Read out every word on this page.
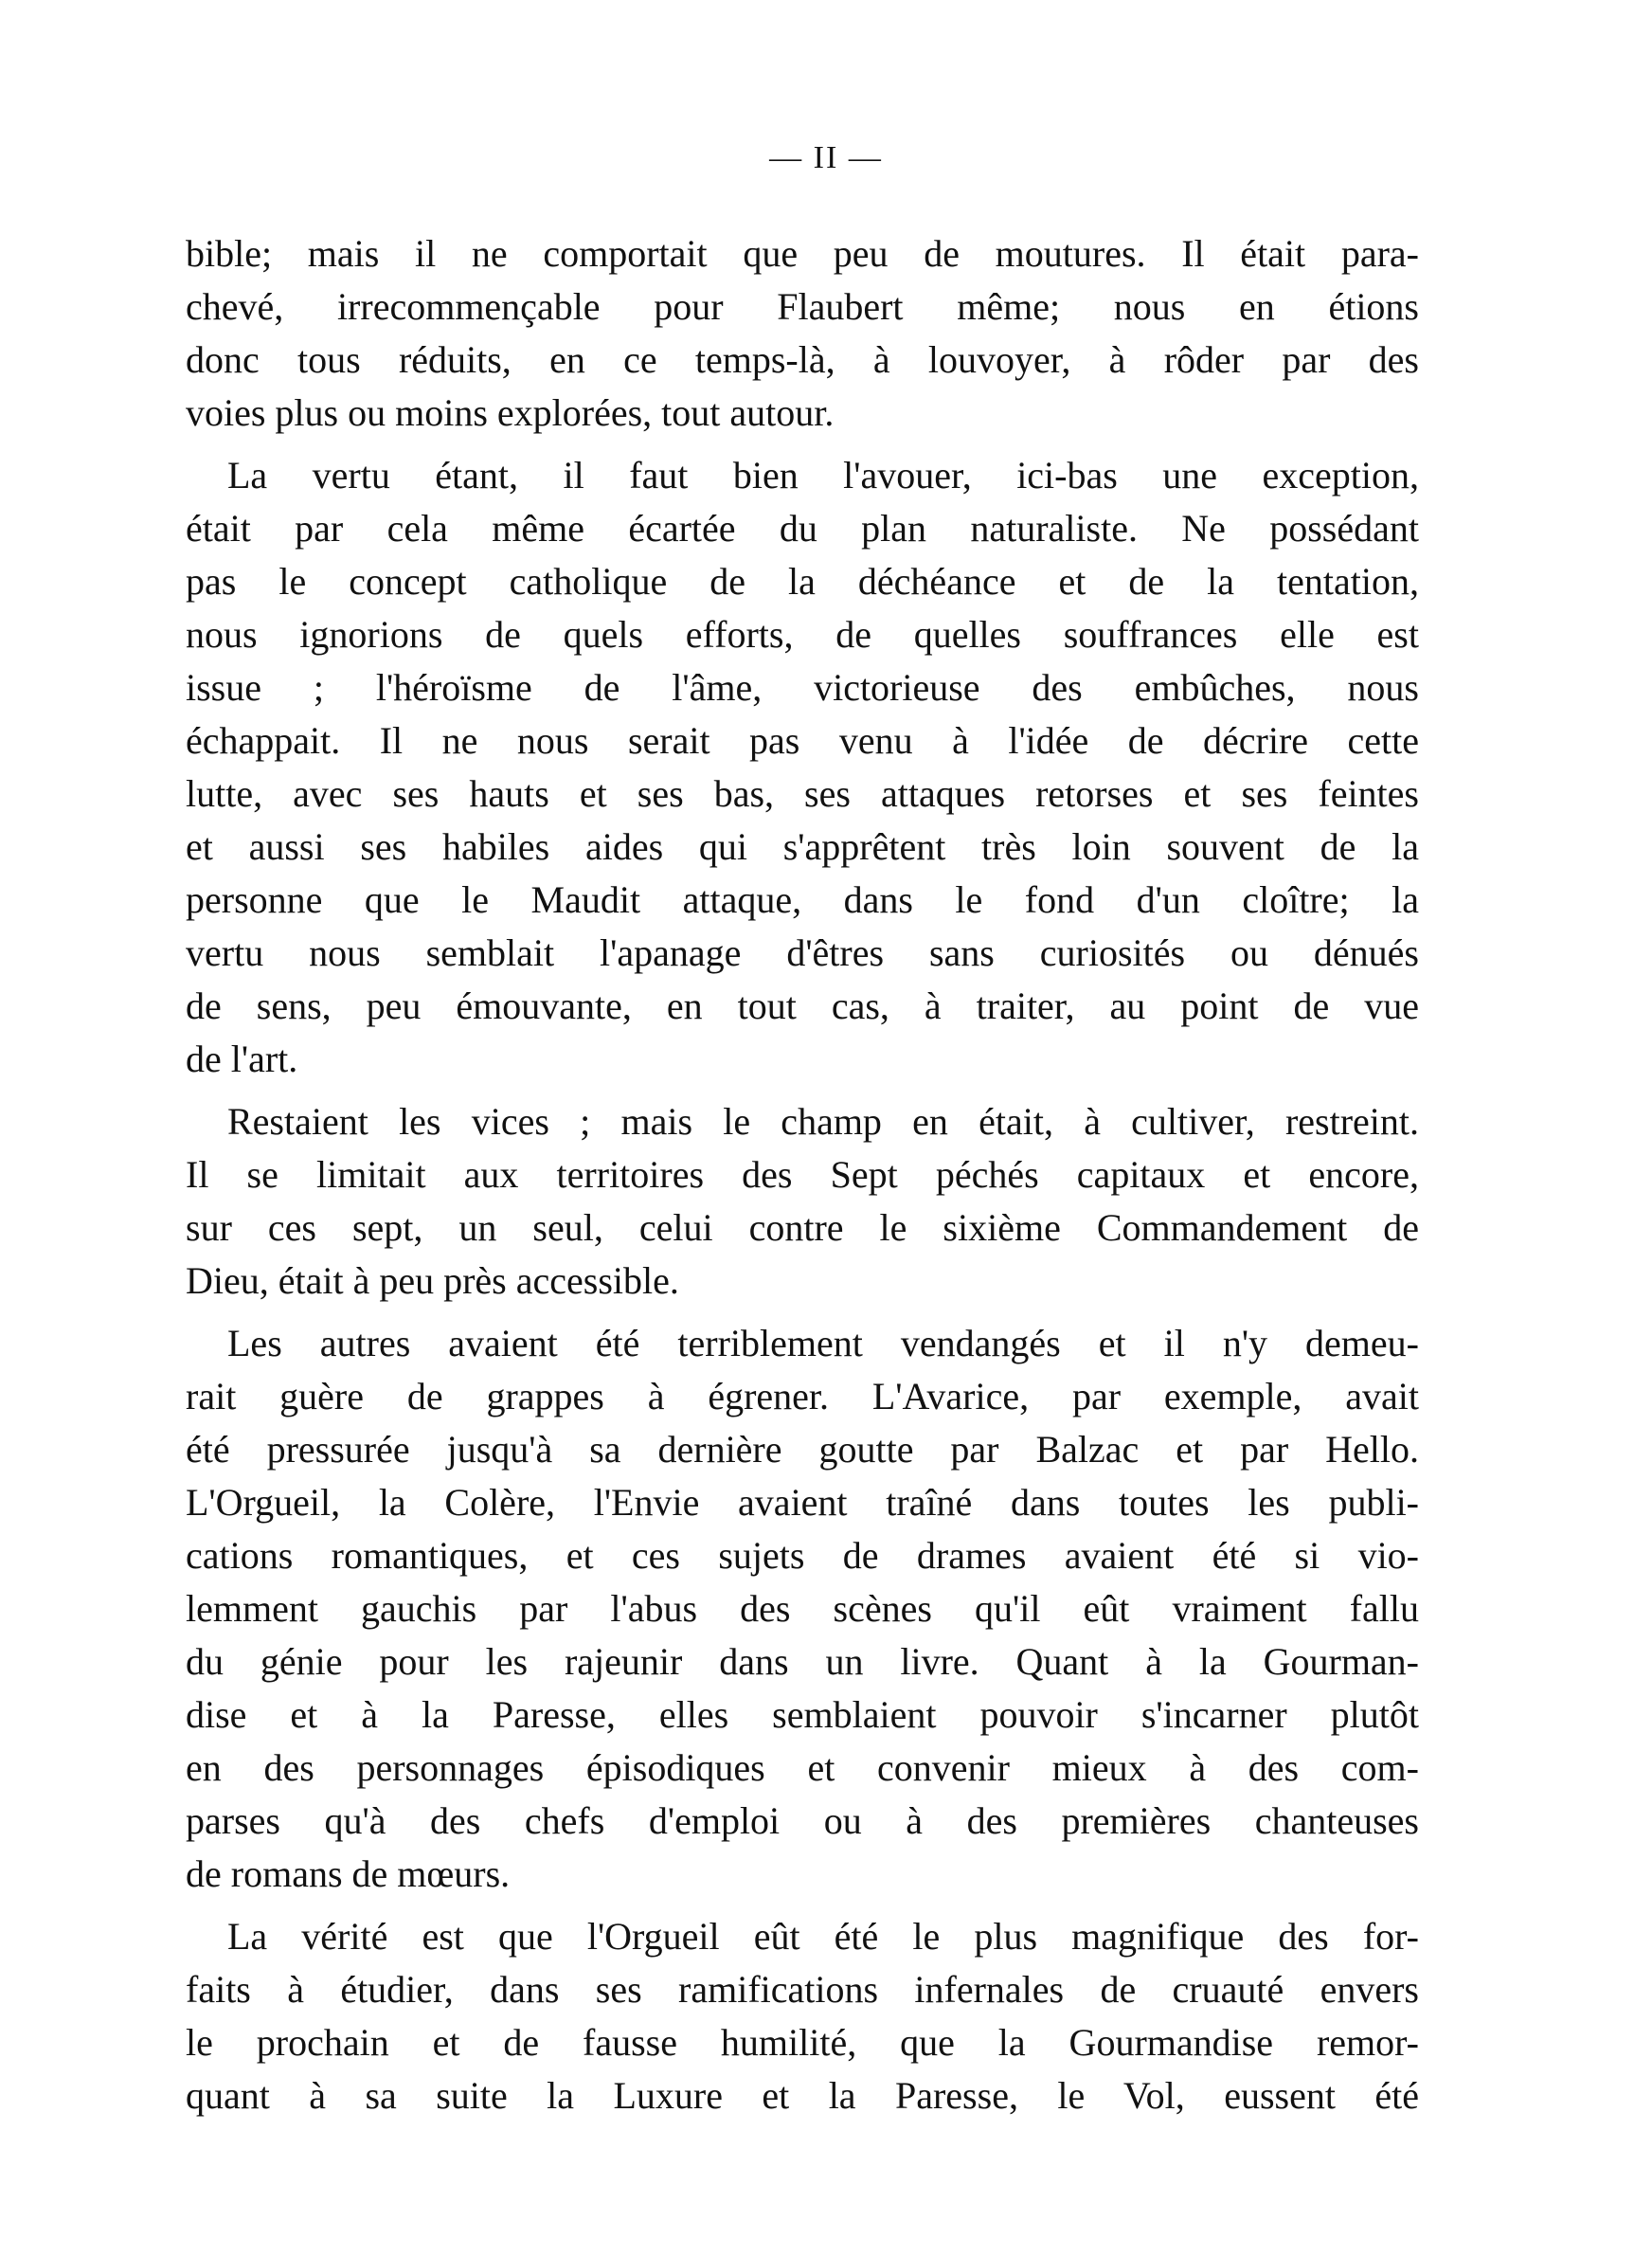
— II —
bible; mais il ne comportait que peu de moutures. Il était para-
chevé, irrecommençable pour Flaubert même; nous en étions
donc tous réduits, en ce temps-là, à louvoyer, à rôder par des
voies plus ou moins explorées, tout autour.
La vertu étant, il faut bien l'avouer, ici-bas une exception,
était par cela même écartée du plan naturaliste. Ne possédant
pas le concept catholique de la déchéance et de la tentation,
nous ignorions de quels efforts, de quelles souffrances elle est
issue ; l'héroïsme de l'âme, victorieuse des embûches, nous
échappait. Il ne nous serait pas venu à l'idée de décrire cette
lutte, avec ses hauts et ses bas, ses attaques retorses et ses feintes
et aussi ses habiles aides qui s'apprêtent très loin souvent de la
personne que le Maudit attaque, dans le fond d'un cloître; la
vertu nous semblait l'apanage d'êtres sans curiosités ou dénués
de sens, peu émouvante, en tout cas, à traiter, au point de vue
de l'art.
Restaient les vices ; mais le champ en était, à cultiver, restreint.
Il se limitait aux territoires des Sept péchés capitaux et encore,
sur ces sept, un seul, celui contre le sixième Commandement de
Dieu, était à peu près accessible.
Les autres avaient été terriblement vendangés et il n'y demeu-
rait guère de grappes à égrener. L'Avarice, par exemple, avait
été pressurée jusqu'à sa dernière goutte par Balzac et par Hello.
L'Orgueil, la Colère, l'Envie avaient traîné dans toutes les publi-
cations romantiques, et ces sujets de drames avaient été si vio-
lemment gauchis par l'abus des scènes qu'il eût vraiment fallu
du génie pour les rajeunir dans un livre. Quant à la Gourman-
dise et à la Paresse, elles semblaient pouvoir s'incarner plutôt
en des personnages épisodiques et convenir mieux à des com-
parses qu'à des chefs d'emploi ou à des premières chanteuses
de romans de mœurs.
La vérité est que l'Orgueil eût été le plus magnifique des for-
faits à étudier, dans ses ramifications infernales de cruauté envers
le prochain et de fausse humilité, que la Gourmandise remor-
quant à sa suite la Luxure et la Paresse, le Vol, eussent été
